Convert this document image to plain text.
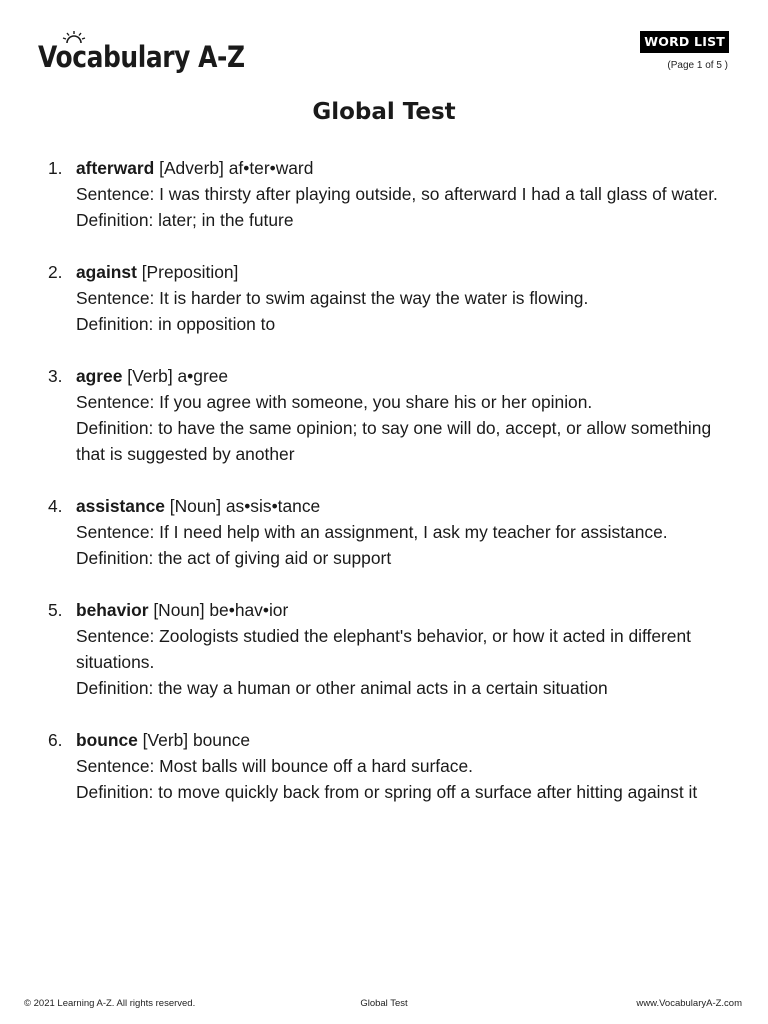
Vocabulary A-Z	WORD LIST
(Page 1 of 5 )
Global Test
1. afterward [Adverb] af•ter•ward
Sentence: I was thirsty after playing outside, so afterward I had a tall glass of water.
Definition: later; in the future
2. against [Preposition]
Sentence: It is harder to swim against the way the water is flowing.
Definition: in opposition to
3. agree [Verb] a•gree
Sentence: If you agree with someone, you share his or her opinion.
Definition: to have the same opinion; to say one will do, accept, or allow something that is suggested by another
4. assistance [Noun] as•sis•tance
Sentence: If I need help with an assignment, I ask my teacher for assistance.
Definition: the act of giving aid or support
5. behavior [Noun] be•hav•ior
Sentence: Zoologists studied the elephant's behavior, or how it acted in different situations.
Definition: the way a human or other animal acts in a certain situation
6. bounce [Verb] bounce
Sentence: Most balls will bounce off a hard surface.
Definition: to move quickly back from or spring off a surface after hitting against it
© 2021 Learning A-Z. All rights reserved.	Global Test	www.VocabularyA-Z.com
